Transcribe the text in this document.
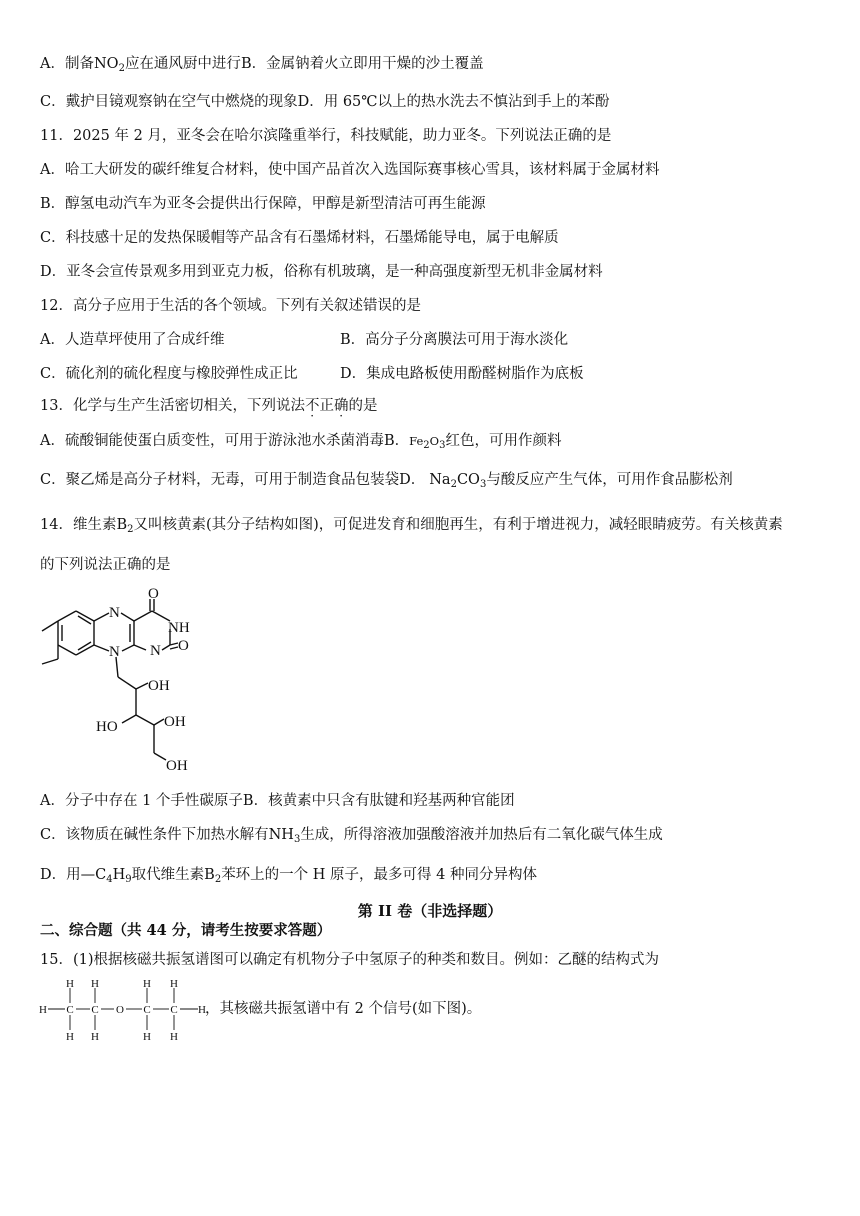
A．制备$NO_2$应在通风厨中进行B．金属钠着火立即用干燥的沙土覆盖
C．戴护目镜观察钠在空气中燃烧的现象D．用 65℃以上的热水洗去不慎沾到手上的苯酚
11．2025 年 2 月，亚冬会在哈尔滨隆重举行，科技赋能，助力亚冬。下列说法正确的是
A．哈工大研发的碳纤维复合材料，使中国产品首次入选国际赛事核心雪具，该材料属于金属材料
B．醇氢电动汽车为亚冬会提供出行保障，甲醇是新型清洁可再生能源
C．科技感十足的发热保暖帽等产品含有石墨烯材料，石墨烯能导电，属于电解质
D．亚冬会宣传景观多用到亚克力板，俗称有机玻璃，是一种高强度新型无机非金属材料
12．高分子应用于生活的各个领域。下列有关叙述错误的是
A．人造草坪使用了合成纤维	B．高分子分离膜法可用于海水淡化
C．硫化剂的硫化程度与橡胶弹性成正比	D．集成电路板使用酚醛树脂作为底板
13．化学与生产生活密切相关，下列说法不正确的是
A．硫酸铜能使蛋白质变性，可用于游泳池水杀菌消毒B．$Fe_2O_3$红色，可用作颜料
C．聚乙烯是高分子材料，无毒，可用于制造食品包装袋D． $Na_2CO_3$与酸反应产生气体，可用作食品膨松剂
14．维生素$B_2$又叫核黄素(其分子结构如图)，可促进发育和细胞再生，有利于增进视力，减轻眼睛疲劳。有关核黄素
的下列说法正确的是
N
O
NH
N O
N
OH
HO	OH
OH
A．分子中存在 1 个手性碳原子B．核黄素中只含有肽键和羟基两种官能团
C．该物质在碱性条件下加热水解有$NH_3$生成，所得溶液加强酸溶液并加热后有二氧化碳气体生成
D．用$—C_4H_9$取代维生素$B_2$苯环上的一个 H 原子，最多可得 4 种同分异构体
第 II 卷（非选择题）
二、综合题（共 44 分，请考生按要求答题）
15．(1)根据核磁共振氢谱图可以确定有机物分子中氢原子的种类和数目。例如：乙醚的结构式为
H C C O C C H
H H	H H
H H	H H
，其核磁共振氢谱中有 2 个信号(如下图)。
